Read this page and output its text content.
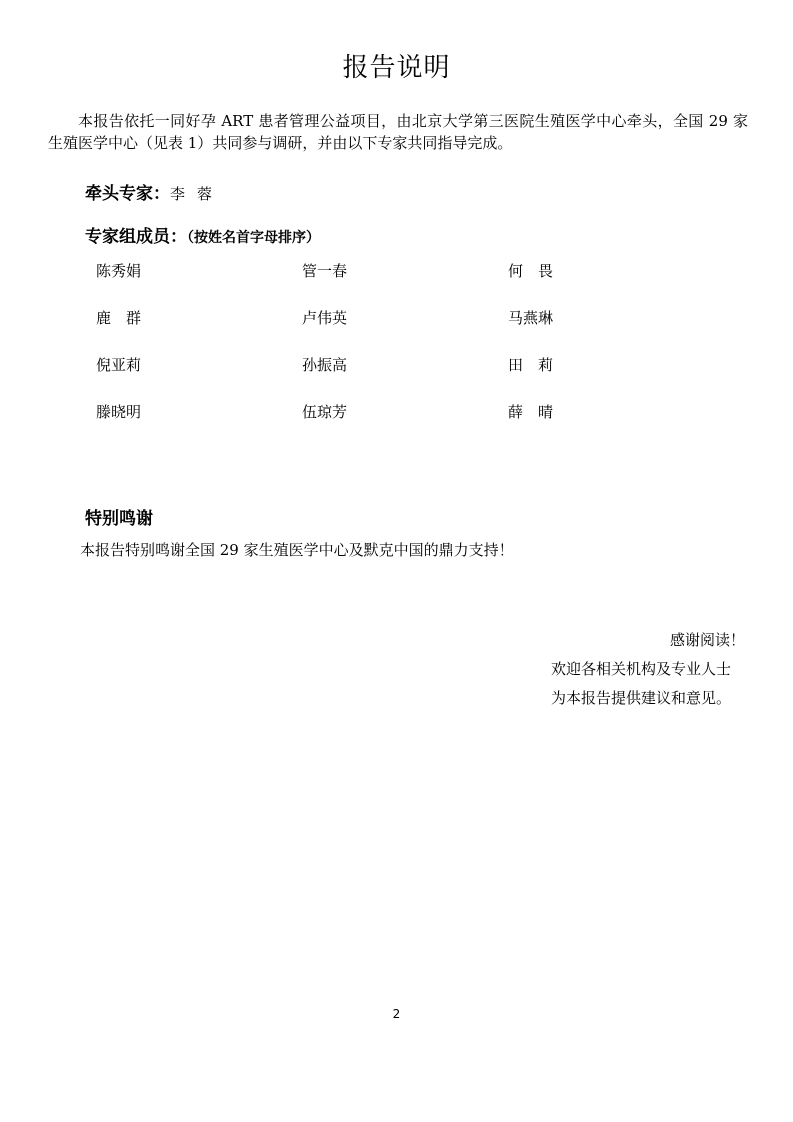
报告说明

本报告依托一同好孕 ART 患者管理公益项目，由北京大学第三医院生殖医学中心牵头，全国 29 家生殖医学中心（见表 1）共同参与调研，并由以下专家共同指导完成。

牵头专家：李蓉
专家组成员：（按姓名首字母排序）
陈秀娟	管一春	何　畏
鹿　群	卢伟英	马燕琳
倪亚莉	孙振高	田　莉
滕晓明	伍琼芳	薛　晴
特别鸣谢
本报告特别鸣谢全国 29 家生殖医学中心及默克中国的鼎力支持！
感谢阅读！
欢迎各相关机构及专业人士
为本报告提供建议和意见。
2
